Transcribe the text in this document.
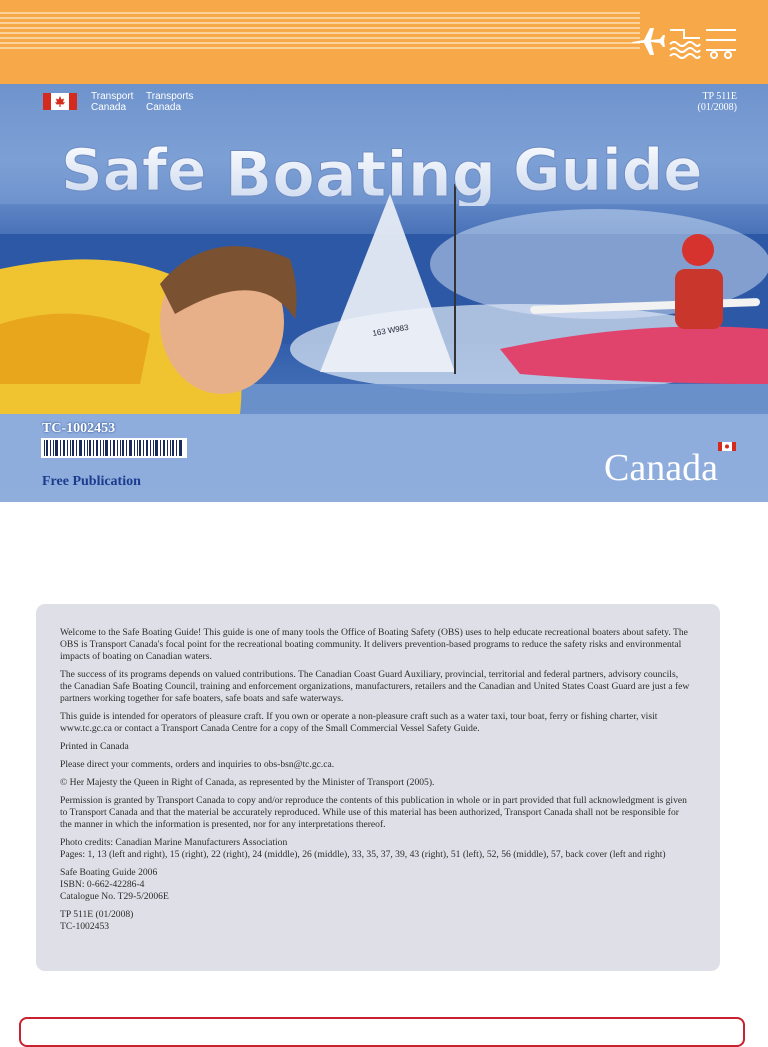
163 W983
Transport
Canada
Transports
Canada
TP 511E
(01/2008)
Safe Boating Guide
TC-1002453
Free Publication	Canada

Welcome to the Safe Boating Guide! This guide is one of many tools the Office of Boating Safety (OBS) uses to help educate recreational boaters about safety. The OBS is Transport Canada's focal point for the recreational boating community. It delivers prevention-based programs to reduce the safety risks and environmental impacts of boating on Canadian waters.

The success of its programs depends on valued contributions. The Canadian Coast Guard Auxiliary, provincial, territorial and federal partners, advisory councils, the Canadian Safe Boating Council, training and enforcement organizations, manufacturers, retailers and the Canadian and United States Coast Guard are just a few partners working together for safe boaters, safe boats and safe waterways.

This guide is intended for operators of pleasure craft. If you own or operate a non-pleasure craft such as a water taxi, tour boat, ferry or fishing charter, visit www.tc.gc.ca or contact a Transport Canada Centre for a copy of the Small Commercial Vessel Safety Guide.

Printed in Canada

Please direct your comments, orders and inquiries to obs-bsn@tc.gc.ca.

© Her Majesty the Queen in Right of Canada, as represented by the Minister of Transport (2005).

Permission is granted by Transport Canada to copy and/or reproduce the contents of this publication in whole or in part provided that full acknowledgment is given to Transport Canada and that the material be accurately reproduced. While use of this material has been authorized, Transport Canada shall not be responsible for the manner in which the information is presented, nor for any interpretations thereof.

Photo credits: Canadian Marine Manufacturers Association
Pages: 1, 13 (left and right), 15 (right), 22 (right), 24 (middle), 26 (middle), 33, 35, 37, 39, 43 (right), 51 (left), 52, 56 (middle), 57, back cover (left and right)

Safe Boating Guide 2006
ISBN: 0-662-42286-4
Catalogue No. T29-5/2006E

TP 511E (01/2008)
TC-1002453
